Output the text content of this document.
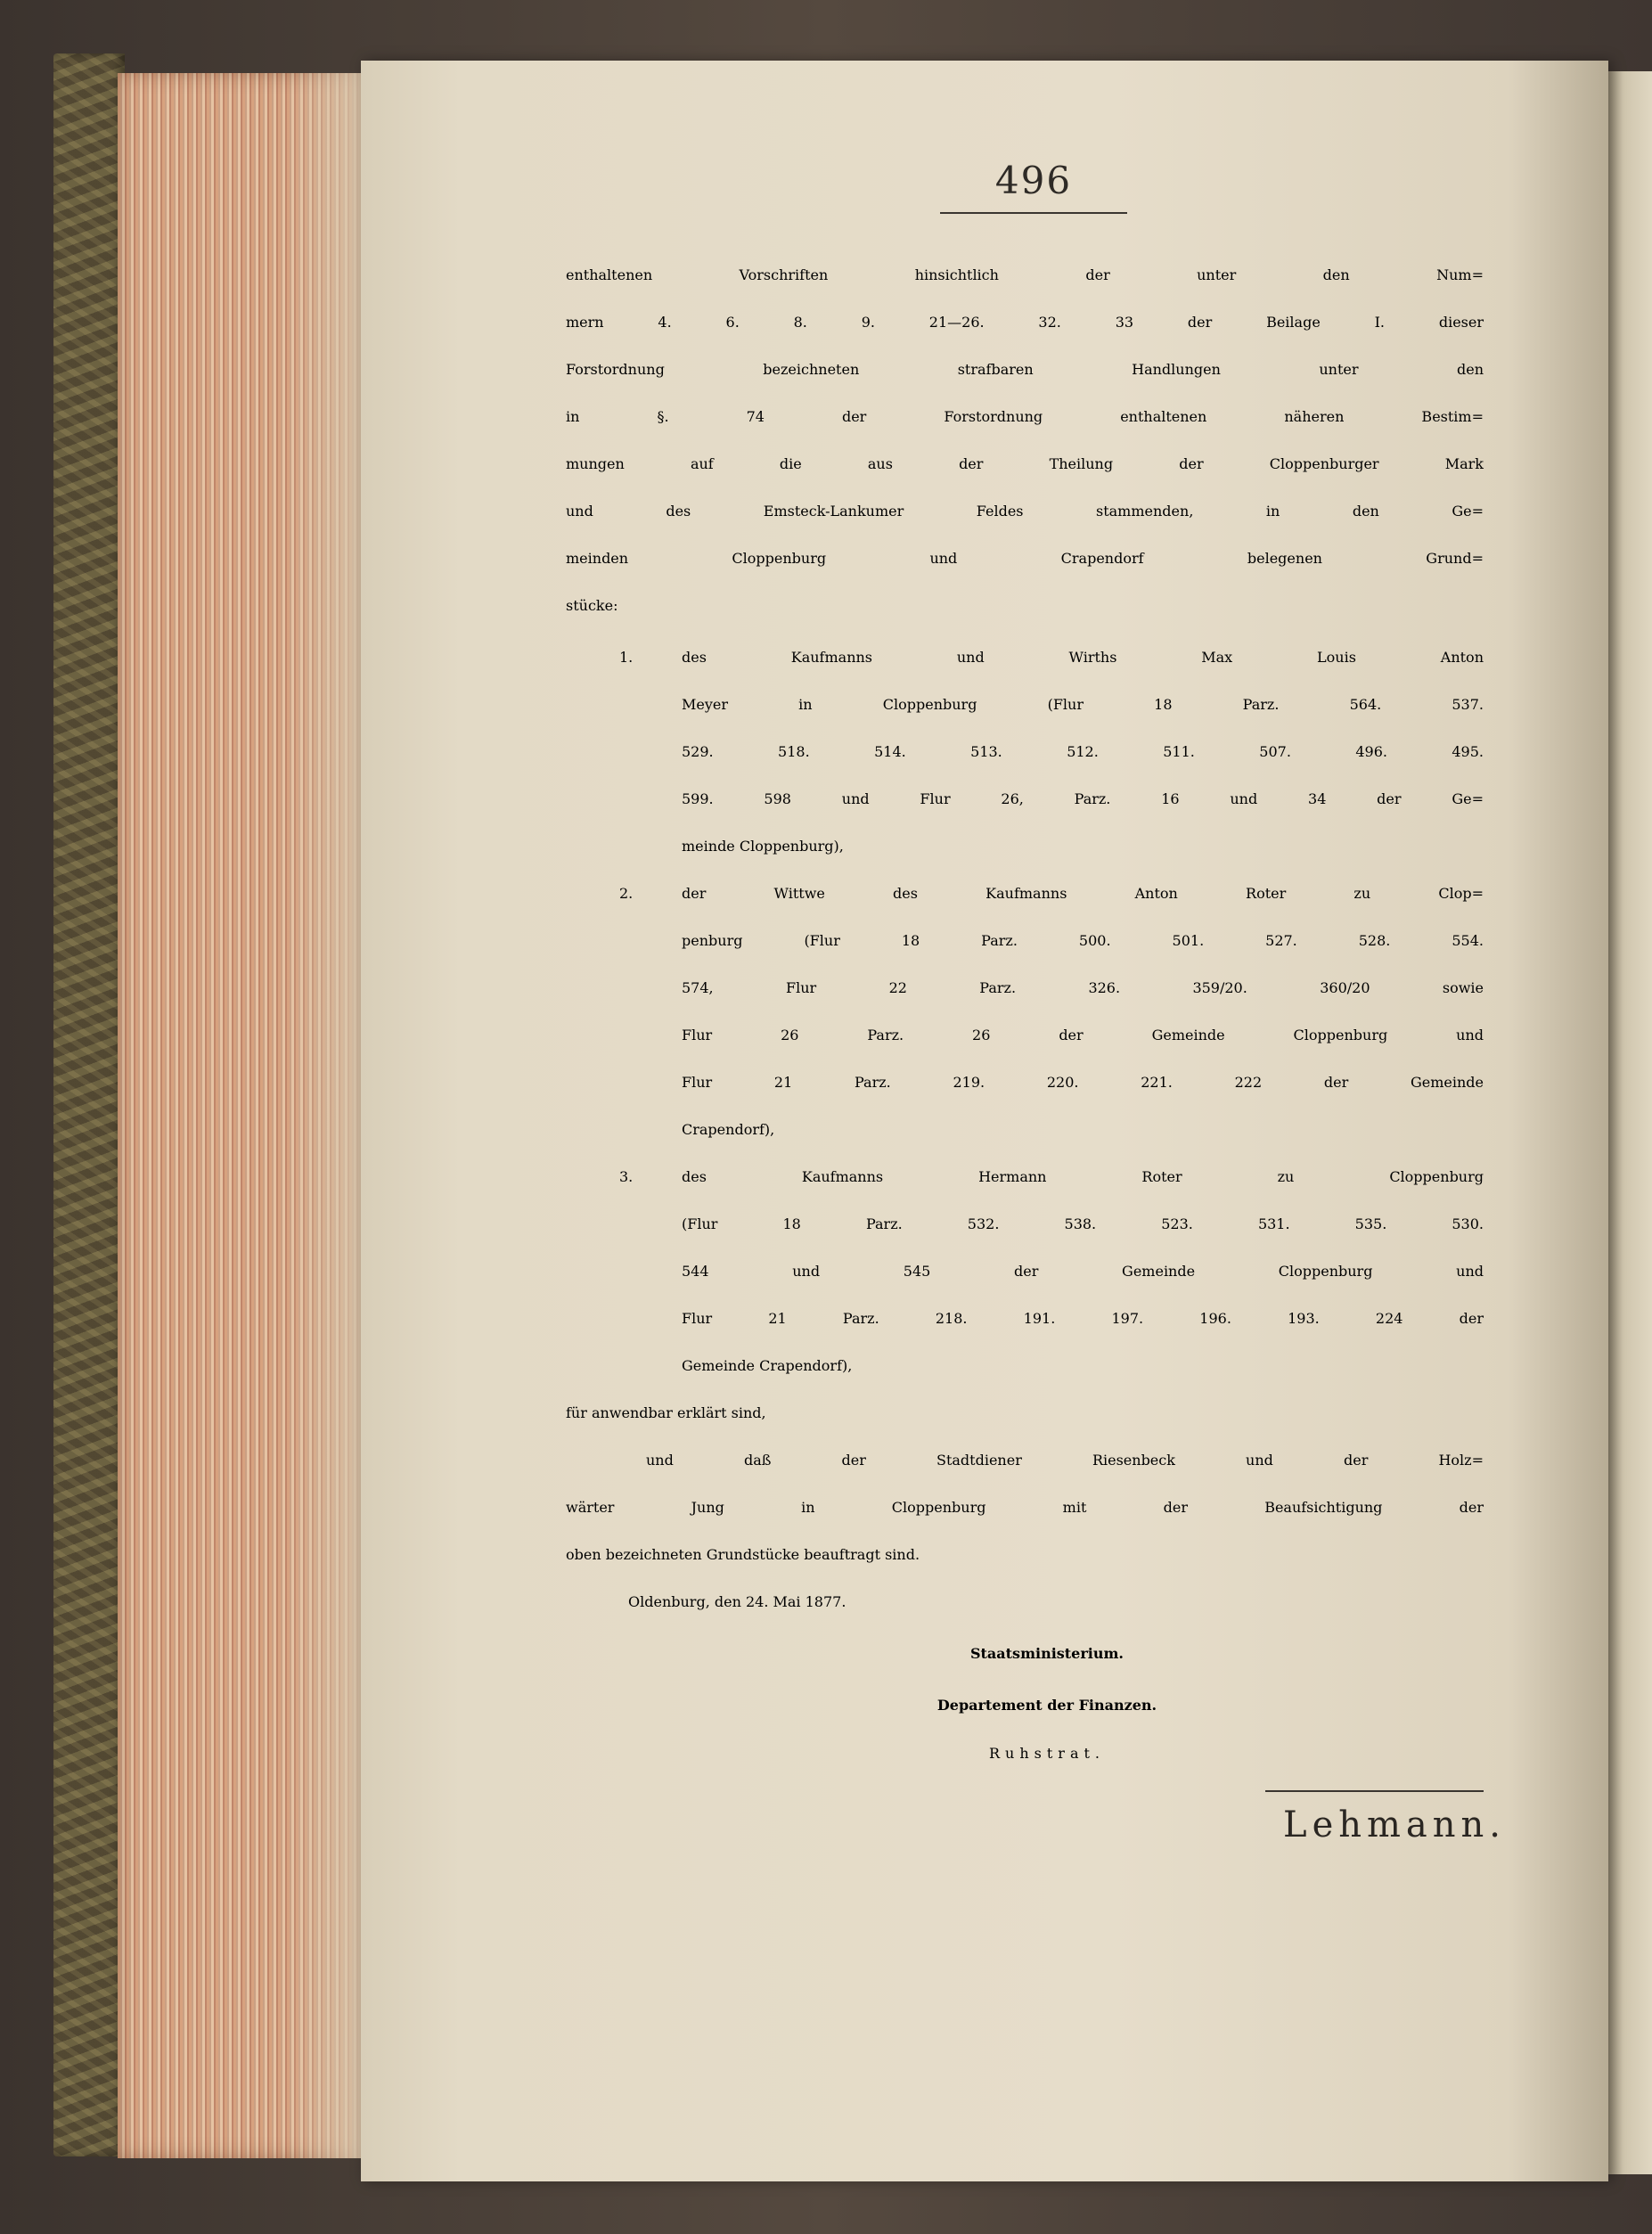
496
enthaltenen Vorschriften hinsichtlich der unter den Num=
mern 4. 6. 8. 9. 21—26. 32. 33 der Beilage I. dieser
Forstordnung bezeichneten strafbaren Handlungen unter den
in §. 74 der Forstordnung enthaltenen näheren Bestim=
mungen auf die aus der Theilung der Cloppenburger Mark
und des Emsteck-Lankumer Feldes stammenden, in den Ge=
meinden Cloppenburg und Crapendorf belegenen Grund=
stücke:
1.	des Kaufmanns und Wirths Max Louis Anton
Meyer in Cloppenburg (Flur 18 Parz. 564. 537.
529. 518. 514. 513. 512. 511. 507. 496. 495.
599. 598 und Flur 26, Parz. 16 und 34 der Ge=
meinde Cloppenburg),
2.	der Wittwe des Kaufmanns Anton Roter zu Clop=
penburg (Flur 18 Parz. 500. 501. 527. 528. 554.
574, Flur 22 Parz. 326. 359/20. 360/20 sowie
Flur 26 Parz. 26 der Gemeinde Cloppenburg und
Flur 21 Parz. 219. 220. 221. 222 der Gemeinde
Crapendorf),
3.	des Kaufmanns Hermann Roter zu Cloppenburg
(Flur 18 Parz. 532. 538. 523. 531. 535. 530.
544 und 545 der Gemeinde Cloppenburg und
Flur 21 Parz. 218. 191. 197. 196. 193. 224 der
Gemeinde Crapendorf),
für anwendbar erklärt sind,
und daß der Stadtdiener Riesenbeck und der Holz=
wärter Jung in Cloppenburg mit der Beaufsichtigung der
oben bezeichneten Grundstücke beauftragt sind.
Oldenburg, den 24. Mai 1877.
Staatsministerium.
Departement der Finanzen.
Ruhstrat.
Lehmann.
